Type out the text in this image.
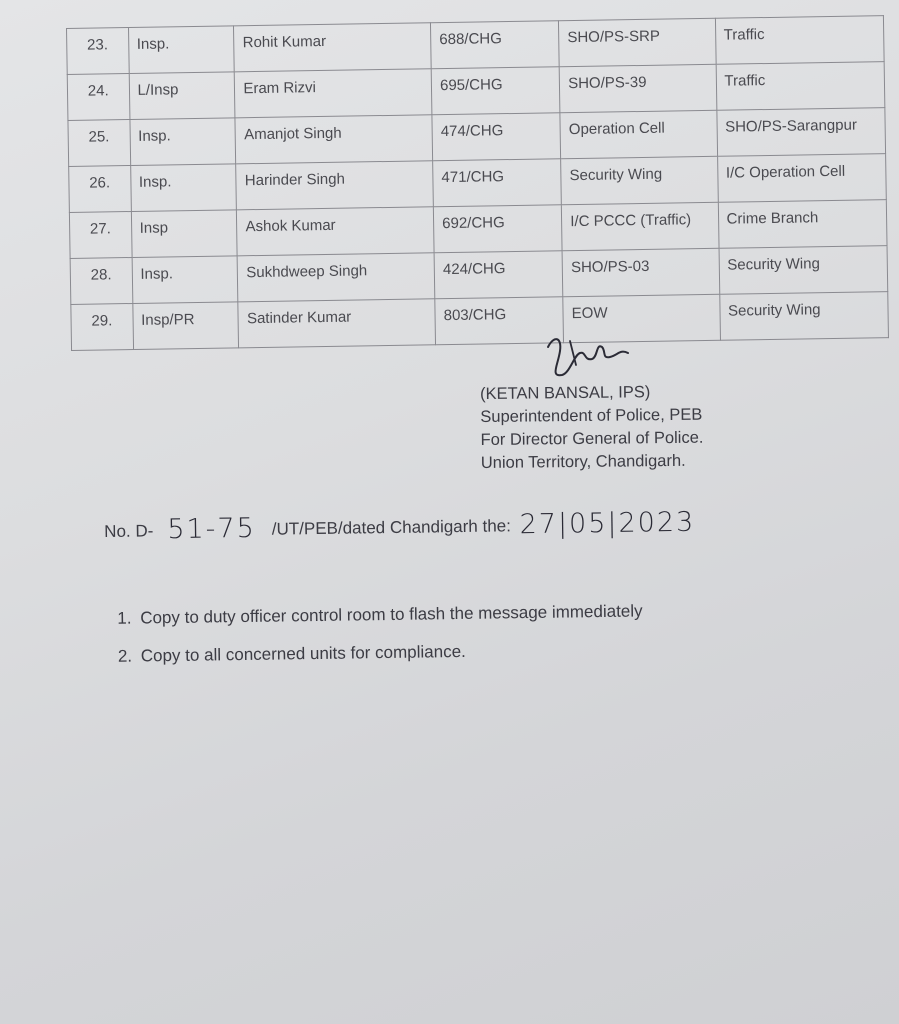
23.	Insp.	Rohit Kumar	688/CHG	SHO/PS-SRP	Traffic
24.	L/Insp	Eram Rizvi	695/CHG	SHO/PS-39	Traffic
25.	Insp.	Amanjot Singh	474/CHG	Operation Cell	SHO/PS-Sarangpur
26.	Insp.	Harinder Singh	471/CHG	Security Wing	I/C Operation Cell
27.	Insp	Ashok Kumar	692/CHG	I/C PCCC (Traffic)	Crime Branch
28.	Insp.	Sukhdweep Singh	424/CHG	SHO/PS-03	Security Wing
29.	Insp/PR	Satinder Kumar	803/CHG	EOW	Security Wing
(KETAN BANSAL, IPS)
Superintendent of Police, PEB
For Director General of Police.
Union Territory, Chandigarh.
No. D- 51-75 /UT/PEB/dated Chandigarh the: 27|05|2023
1. Copy to duty officer control room to flash the message immediately
2. Copy to all concerned units for compliance.
